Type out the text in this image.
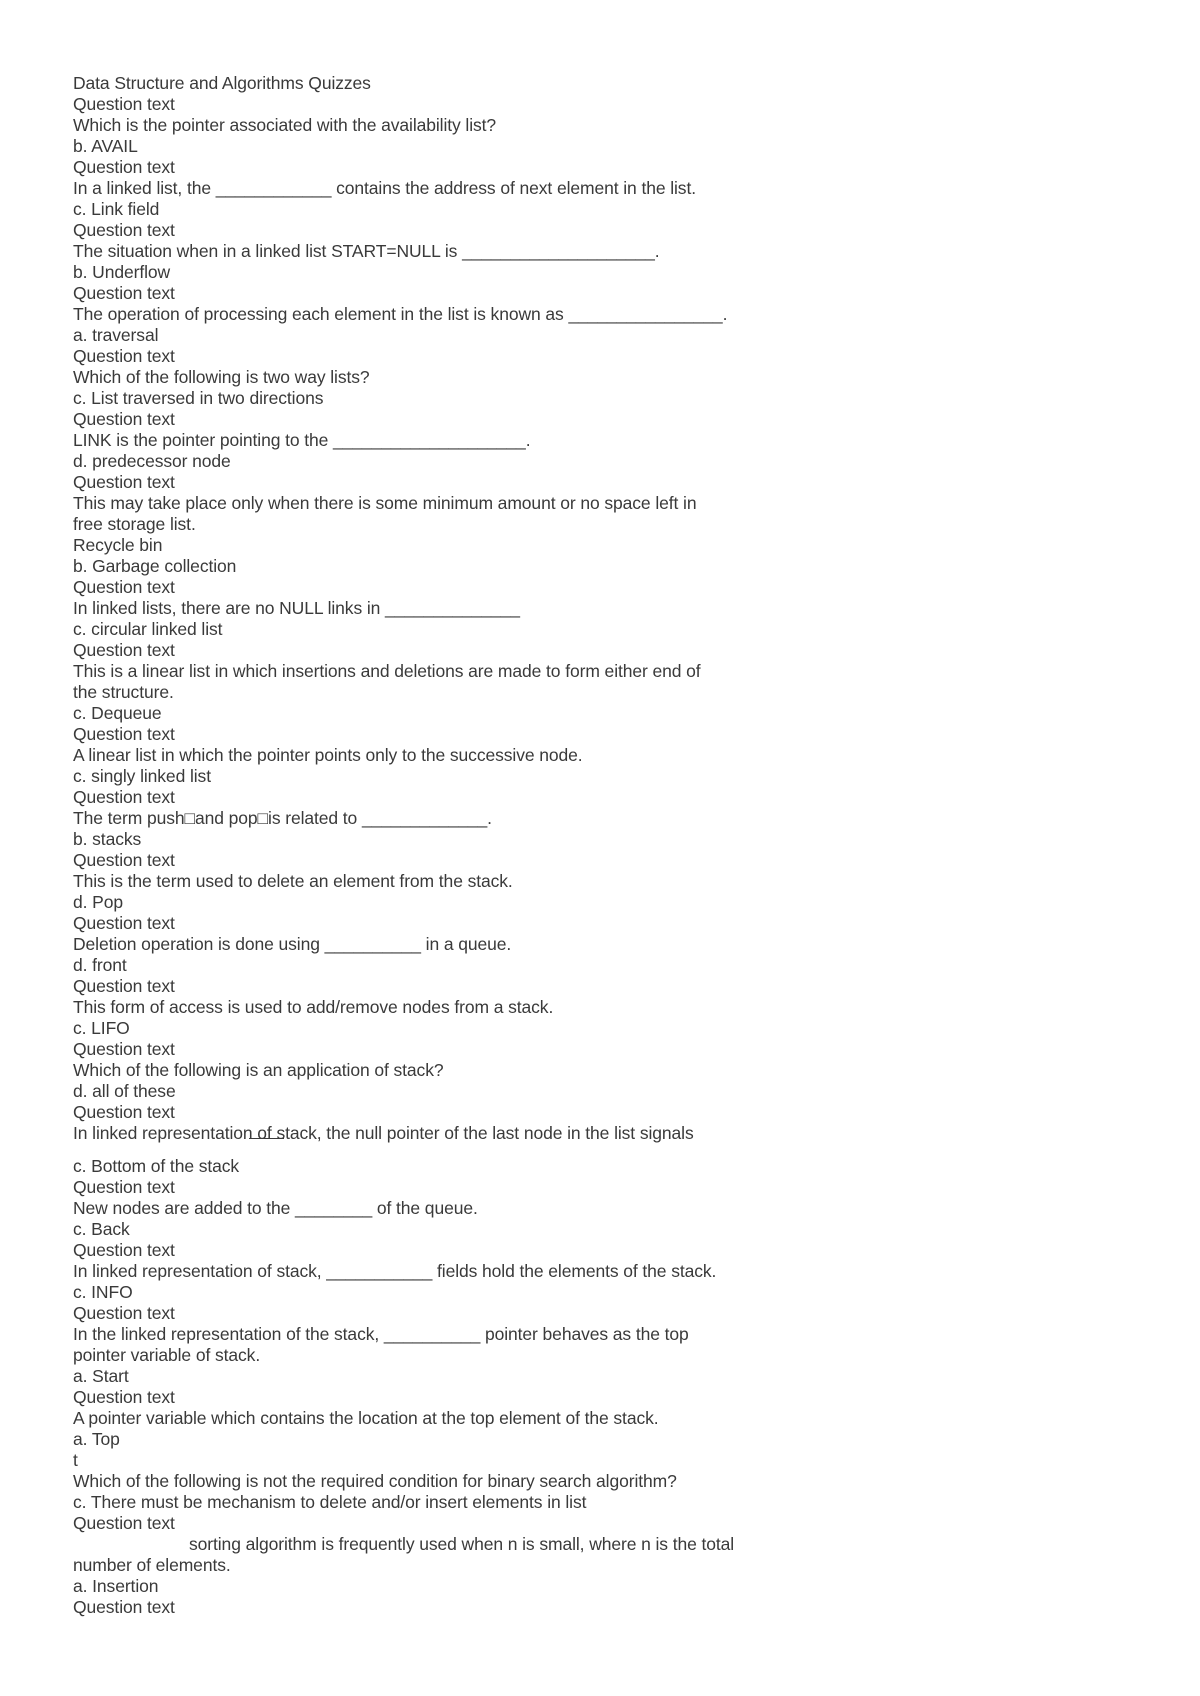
Data Structure and Algorithms Quizzes
Question text
Which is the pointer associated with the availability list?
b. AVAIL
Question text
In a linked list, the ____________ contains the address of next element in the list.
c. Link field
Question text
The situation when in a linked list START=NULL is ____________________.
b. Underflow
Question text
The operation of processing each element in the list is known as ________________.
a. traversal
Question text
Which of the following is two way lists?
c. List traversed in two directions
Question text
LINK is the pointer pointing to the ____________________.
d. predecessor node
Question text
This may take place only when there is some minimum amount or no space left in
free storage list.
Recycle bin
b. Garbage collection
Question text
In linked lists, there are no NULL links in ______________
c. circular linked list
Question text
This is a linear list in which insertions and deletions are made to form either end of
the structure.
c. Dequeue
Question text
A linear list in which the pointer points only to the successive node.
c. singly linked list
Question text
The term push□and pop□is related to _____________.
b. stacks
Question text
This is the term used to delete an element from the stack.
d. Pop
Question text
Deletion operation is done using __________ in a queue.
d. front
Question text
This form of access is used to add/remove nodes from a stack.
c. LIFO
Question text
Which of the following is an application of stack?
d. all of these
Question text
In linked representation of stack, the null pointer of the last node in the list signals

c. Bottom of the stack
Question text
New nodes are added to the ________ of the queue.
c. Back
Question text
In linked representation of stack, ___________ fields hold the elements of the stack.
c. INFO
Question text
In the linked representation of the stack, __________ pointer behaves as the top
pointer variable of stack.
a. Start
Question text
A pointer variable which contains the location at the top element of the stack.
a. Top
t
Which of the following is not the required condition for binary search algorithm?
c. There must be mechanism to delete and/or insert elements in list
Question text
sorting algorithm is frequently used when n is small, where n is the total
number of elements.
a. Insertion
Question text
